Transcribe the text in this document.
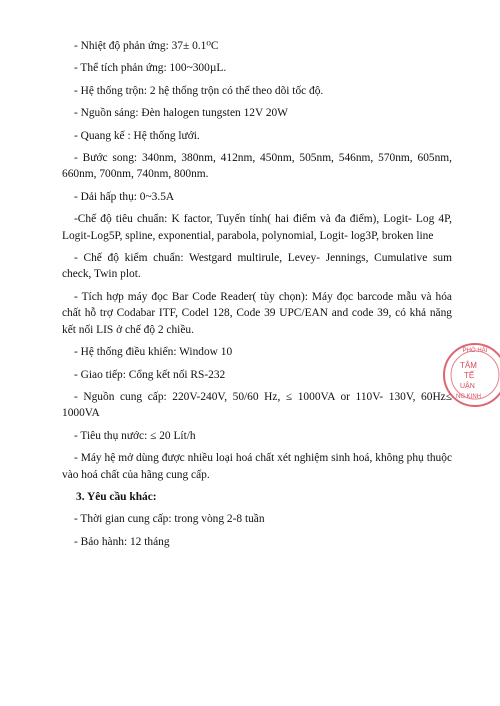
- Nhiệt độ phản ứng: 37± 0.1⁰C

- Thể tích phản ứng: 100~300µL.

- Hệ thống trộn: 2 hệ thống trộn có thể theo dõi tốc độ.

- Nguồn sáng: Đèn halogen tungsten 12V 20W

- Quang kế : Hệ thống lưới.

- Bước song: 340nm, 380nm, 412nm, 450nm, 505nm, 546nm, 570nm, 605nm, 660nm, 700nm, 740nm, 800nm.

- Dải hấp thụ: 0~3.5A

-Chế độ tiêu chuẩn: K factor, Tuyến tính( hai điểm và đa điểm), Logit- Log 4P, Logit-Log5P, spline, exponential, parabola, polynomial, Logit- log3P, broken line

- Chế độ kiểm chuẩn: Westgard multirule, Levey- Jennings, Cumulative sum check, Twin plot.

- Tích hợp máy đọc Bar Code Reader( tùy chọn): Máy đọc barcode mẫu và hóa chất hỗ trợ Codabar ITF, Codel 128, Code 39 UPC/EAN and code 39, có khả năng kết nối LIS ở chế độ 2 chiều.

- Hệ thống điều khiển: Window 10

- Giao tiếp: Cổng kết nối RS-232

- Nguồn cung cấp: 220V-240V, 50/60 Hz, ≤ 1000VA or 110V- 130V, 60Hz≤ 1000VA

- Tiêu thụ nước: ≤ 20 Lít/h

- Máy hệ mở dùng được nhiều loại hoá chất xét nghiệm sinh hoá, không phụ thuộc vào hoá chất của hãng cung cấp.

3. Yêu cầu khác:

- Thời gian cung cấp: trong vòng 2-8 tuần

- Bảo hành: 12 tháng

PHÒ HẢI
TÂM
TẾ
UẬN
NG KINH
